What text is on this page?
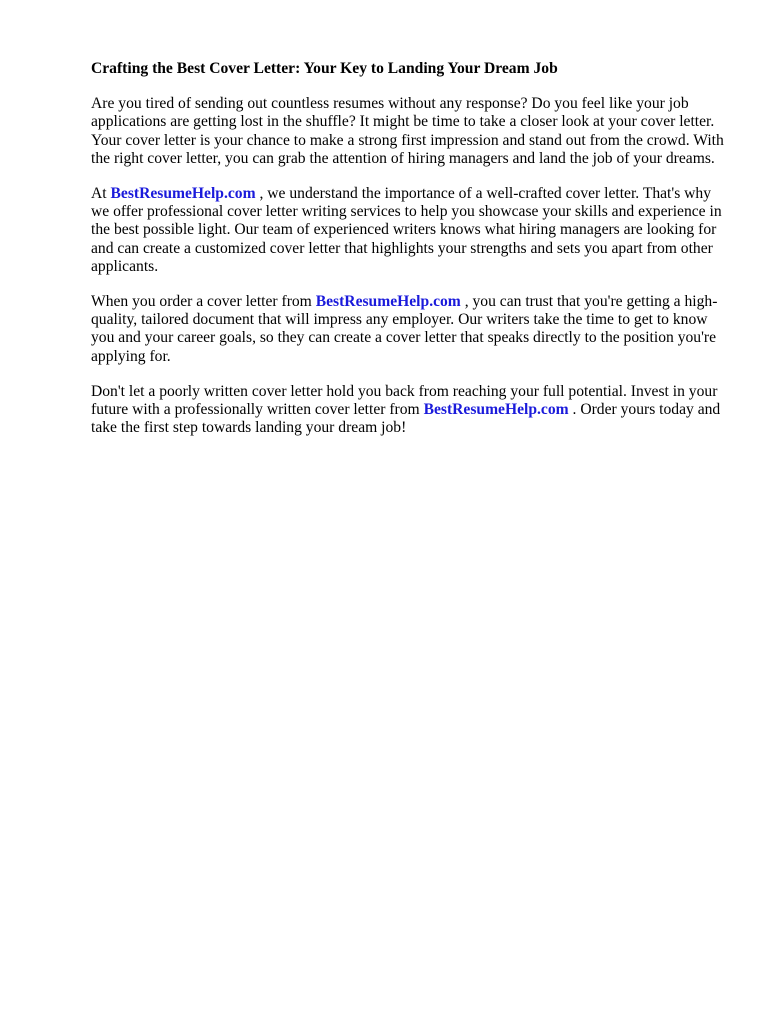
Crafting the Best Cover Letter: Your Key to Landing Your Dream Job

Are you tired of sending out countless resumes without any response? Do you feel like your job applications are getting lost in the shuffle? It might be time to take a closer look at your cover letter. Your cover letter is your chance to make a strong first impression and stand out from the crowd. With the right cover letter, you can grab the attention of hiring managers and land the job of your dreams.

At BestResumeHelp.com , we understand the importance of a well-crafted cover letter. That's why we offer professional cover letter writing services to help you showcase your skills and experience in the best possible light. Our team of experienced writers knows what hiring managers are looking for and can create a customized cover letter that highlights your strengths and sets you apart from other applicants.

When you order a cover letter from BestResumeHelp.com , you can trust that you're getting a high-quality, tailored document that will impress any employer. Our writers take the time to get to know you and your career goals, so they can create a cover letter that speaks directly to the position you're applying for.

Don't let a poorly written cover letter hold you back from reaching your full potential. Invest in your future with a professionally written cover letter from BestResumeHelp.com . Order yours today and take the first step towards landing your dream job!
